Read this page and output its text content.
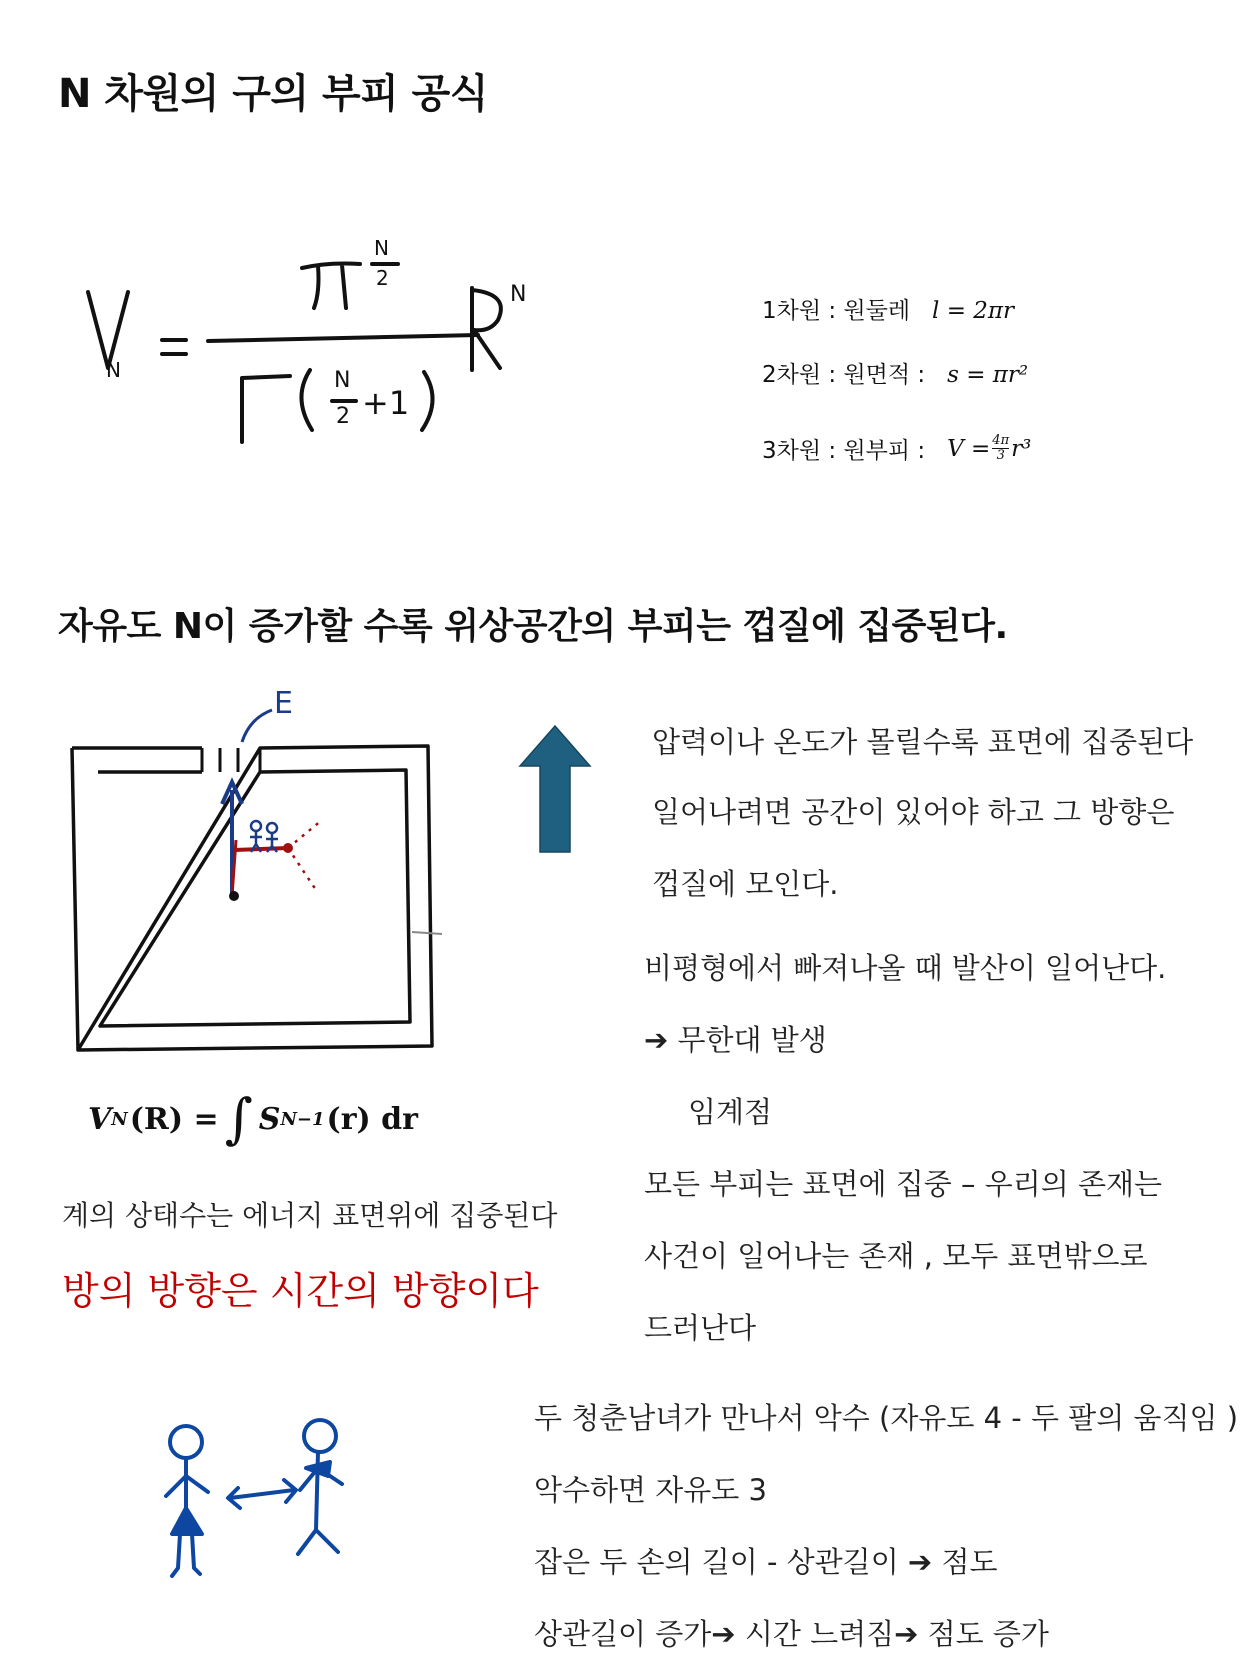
N 차원의 구의 부피 공식
N
N
2
N
2 +1
N
1차원 : 원둘레 l = 2πr
2차원 : 원면적 : s = πr²
3차원 : 원부피 :
$V = \frac{4\pi}{3} r^3$
자유도 N이 증가할 수록 위상공간의 부피는 껍질에 집중된다.
E
V N (R) = ∫ S N−1 (r) dr
계의 상태수는 에너지 표면위에 집중된다
방의 방향은 시간의 방향이다
압력이나 온도가 몰릴수록 표면에 집중된다
일어나려면 공간이 있어야 하고 그 방향은
껍질에 모인다.
비평형에서 빠져나올 때 발산이 일어난다.
➔ 무한대 발생
임계점
모든 부피는 표면에 집중 – 우리의 존재는
사건이 일어나는 존재 , 모두 표면밖으로
드러난다
두 청춘남녀가 만나서 악수 (자유도 4 - 두 팔의 움직임 )
악수하면 자유도 3
잡은 두 손의 길이 - 상관길이 ➔ 점도
상관길이 증가➔ 시간 느려짐➔ 점도 증가
